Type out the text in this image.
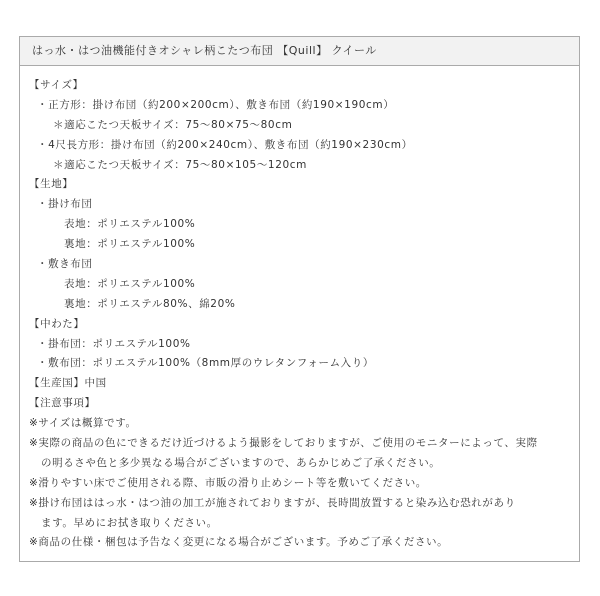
はっ水・はつ油機能付きオシャレ柄こたつ布団 【Quill】 クイール
【サイズ】
・正方形：掛け布団（約200×200cm）、敷き布団（約190×190cm）
＊適応こたつ天板サイズ：75～80×75～80cm
・4尺長方形：掛け布団（約200×240cm）、敷き布団（約190×230cm）
＊適応こたつ天板サイズ：75～80×105～120cm
【生地】
・掛け布団
表地：ポリエステル100%
裏地：ポリエステル100%
・敷き布団
表地：ポリエステル100%
裏地：ポリエステル80%、綿20%
【中わた】
・掛布団：ポリエステル100%
・敷布団：ポリエステル100%（8mm厚のウレタンフォーム入り）
【生産国】中国
【注意事項】
※サイズは概算です。
※実際の商品の色にできるだけ近づけるよう撮影をしておりますが、ご使用のモニターによって、実際
の明るさや色と多少異なる場合がございますので、あらかじめご了承ください。
※滑りやすい床でご使用される際、市販の滑り止めシート等を敷いてください。
※掛け布団ははっ水・はつ油の加工が施されておりますが、長時間放置すると染み込む恐れがあり
ます。早めにお拭き取りください。
※商品の仕様・梱包は予告なく変更になる場合がございます。予めご了承ください。
